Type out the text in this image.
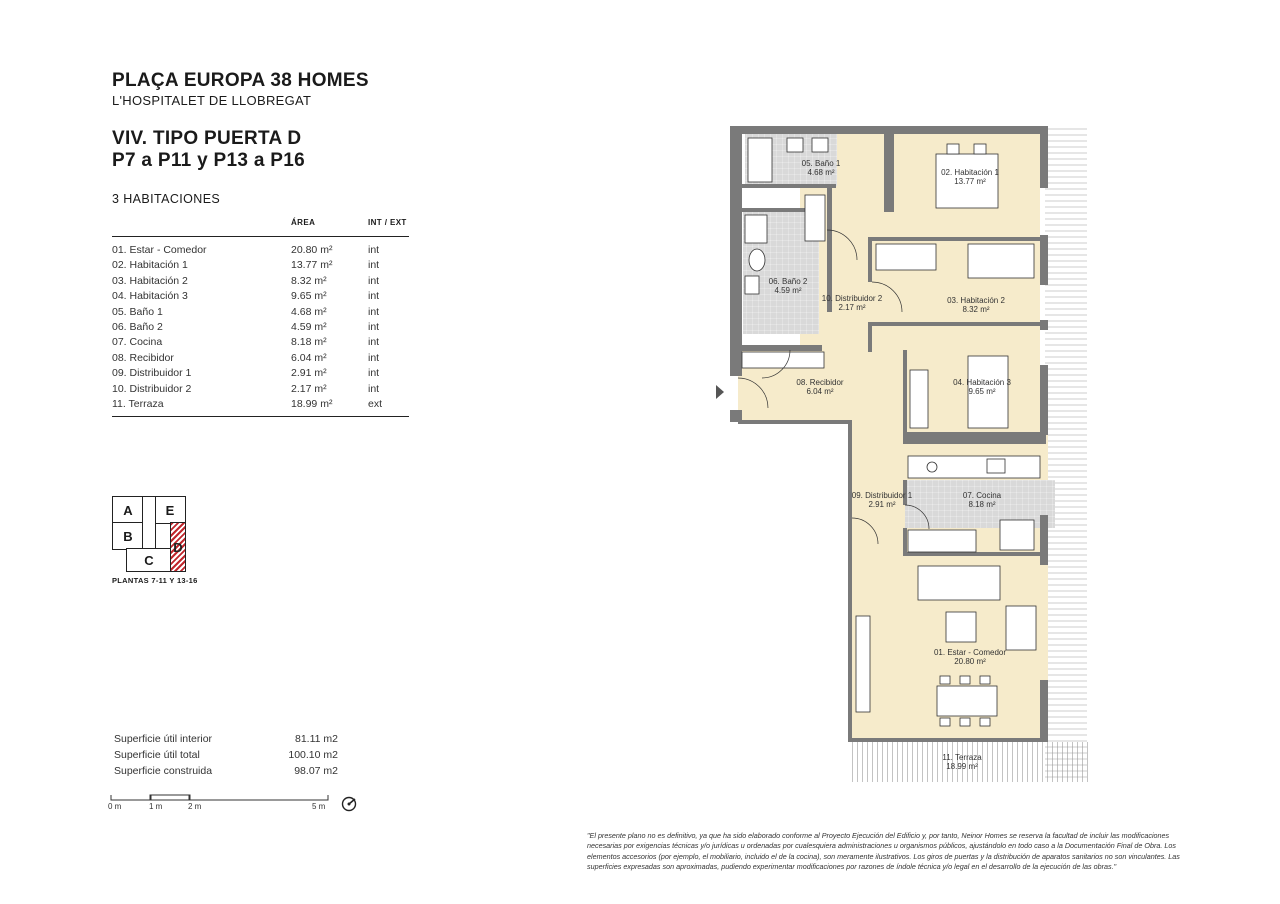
PLAÇA EUROPA 38 HOMES
L'HOSPITALET DE LLOBREGAT
VIV. TIPO PUERTA D
P7 a P11 y P13 a P16
3 HABITACIONES
ÁREA	INT / EXT
01. Estar - Comedor	20.80 m²	int
02. Habitación 1	13.77 m²	int
03. Habitación 2	8.32 m²	int
04. Habitación 3	9.65 m²	int
05. Baño 1	4.68 m²	int
06. Baño 2	4.59 m²	int
07. Cocina	8.18 m²	int
08. Recibidor	6.04 m²	int
09. Distribuidor 1	2.91 m²	int
10. Distribuidor 2	2.17 m²	int
11. Terraza	18.99 m²	ext
A	E
B
C
D
PLANTAS 7-11 Y 13-16
Superficie útil interior	81.11 m2
Superficie útil total	100.10 m2
Superficie construida	98.07 m2
0 m	1 m	2 m	5 m
05. Baño 1
4.68 m²	02. Habitación 1
13.77 m²
06. Baño 2
4.59 m²
10. Distribuidor 2
2.17 m²
03. Habitación 2
8.32 m²
08. Recibidor
6.04 m²
04. Habitación 3
9.65 m²
09. Distribuidor 1
2.91 m²
07. Cocina
8.18 m²
01. Estar - Comedor
20.80 m²
11. Terraza
18.99 m²
"El presente plano no es definitivo, ya que ha sido elaborado conforme al Proyecto Ejecución del Edificio y, por tanto, Neinor Homes se reserva la facultad de incluir las modificaciones necesarias por exigencias técnicas y/o jurídicas u ordenadas por cualesquiera administraciones u organismos públicos, ajustándolo en todo caso a la Documentación Final de Obra. Los elementos accesorios (por ejemplo, el mobiliario, incluido el de la cocina), son meramente ilustrativos. Los giros de puertas y la distribución de aparatos sanitarios no son vinculantes. Las superficies expresadas son aproximadas, pudiendo experimentar modificaciones por razones de índole técnica y/o legal en el desarrollo de la ejecución de las obras."
